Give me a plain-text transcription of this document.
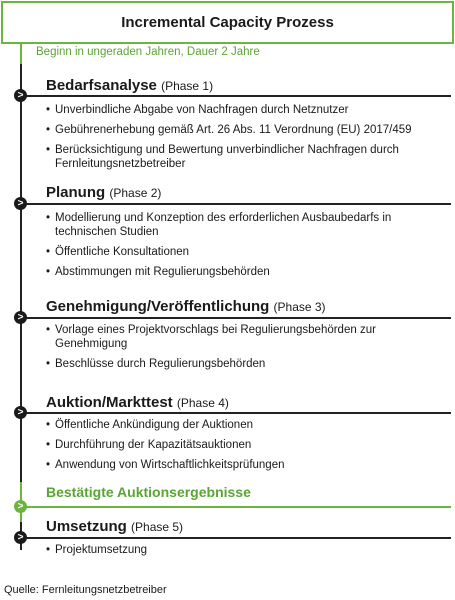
Incremental Capacity Prozess
Beginn in ungeraden Jahren, Dauer 2 Jahre
Bedarfsanalyse (Phase 1)
>
• Unverbindliche Abgabe von Nachfragen durch Netznutzer
• Gebührenerhebung gemäß Art. 26 Abs. 11 Verordnung (EU) 2017/459
• Berücksichtigung und Bewertung unverbindlicher Nachfragen durch Fernleitungsnetzbetreiber
Planung (Phase 2)
>
• Modellierung und Konzeption des erforderlichen Ausbaubedarfs in technischen Studien
• Öffentliche Konsultationen
• Abstimmungen mit Regulierungsbehörden
Genehmigung/Veröffentlichung (Phase 3)
>
• Vorlage eines Projektvorschlags bei Regulierungsbehörden zur Genehmigung
• Beschlüsse durch Regulierungsbehörden
Auktion/Markttest (Phase 4)
>
• Öffentliche Ankündigung der Auktionen
• Durchführung der Kapazitätsauktionen
• Anwendung von Wirtschaftlichkeitsprüfungen
Bestätigte Auktionsergebnisse
>
Umsetzung (Phase 5)
>
• Projektumsetzung
Quelle: Fernleitungsnetzbetreiber
